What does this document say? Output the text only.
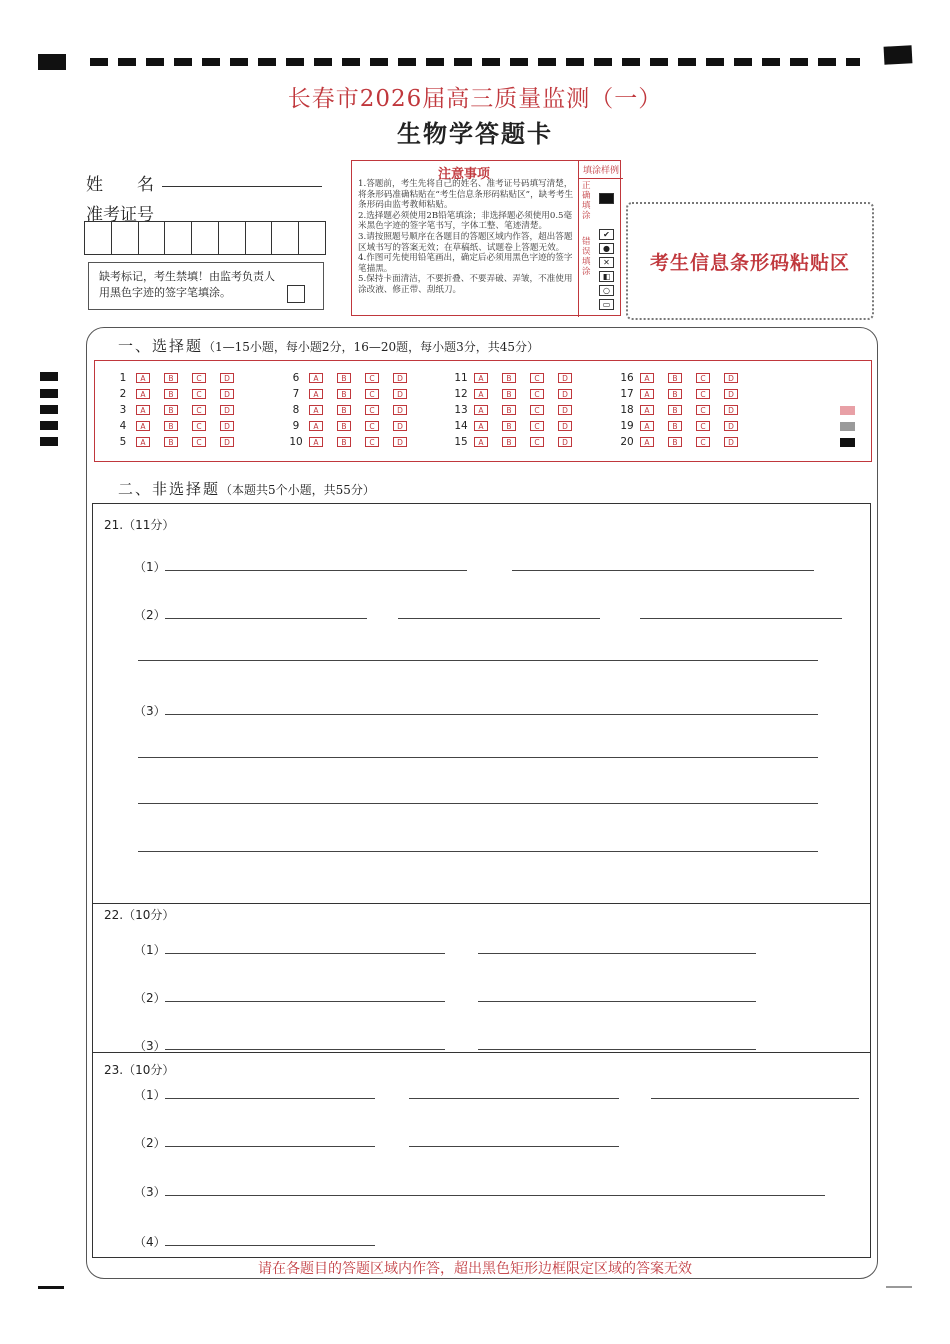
长春市2026届高三质量监测（一）
生物学答题卡
姓　　名
准考证号
缺考标记，考生禁填！由监考负责人用黑色字迹的签字笔填涂。
注意事项
1.答题前，考生先将自己的姓名、准考证号码填写清楚，将条形码准确粘贴在“考生信息条形码粘贴区”，缺考考生条形码由监考教师粘贴。
2.选择题必须使用2B铅笔填涂；非选择题必须使用0.5毫米黑色字迹的签字笔书写，字体工整、笔迹清楚。
3.请按照题号顺序在各题目的答题区域内作答，超出答题区域书写的答案无效；在草稿纸、试题卷上答题无效。
4.作图可先使用铅笔画出，确定后必须用黑色字迹的签字笔描黑。
5.保持卡面清洁，不要折叠、不要弄破、弄皱，不准使用涂改液、修正带、刮纸刀。
填涂样例
正确填涂
错误填涂
✔
●
✕
◧
○
▭
考生信息条形码粘贴区
一、选择题（1—15小题，每小题2分，16—20题，每小题3分，共45分）
1	A	B	C	D
2	A	B	C	D
3	A	B	C	D
4	A	B	C	D
5	A	B	C	D
6	A	B	C	D
7	A	B	C	D
8	A	B	C	D
9	A	B	C	D
10	A	B	C	D
11	A	B	C	D
12	A	B	C	D
13	A	B	C	D
14	A	B	C	D
15	A	B	C	D
16	A	B	C	D
17	A	B	C	D
18	A	B	C	D
19	A	B	C	D
20	A	B	C	D
二、非选择题（本题共5个小题，共55分）
21.（11分）
（1）
（2）
（3）
22.（10分）
（1）
（2）
（3）
23.（10分）
（1）
（2）
（3）
（4）
请在各题目的答题区域内作答，超出黑色矩形边框限定区域的答案无效
